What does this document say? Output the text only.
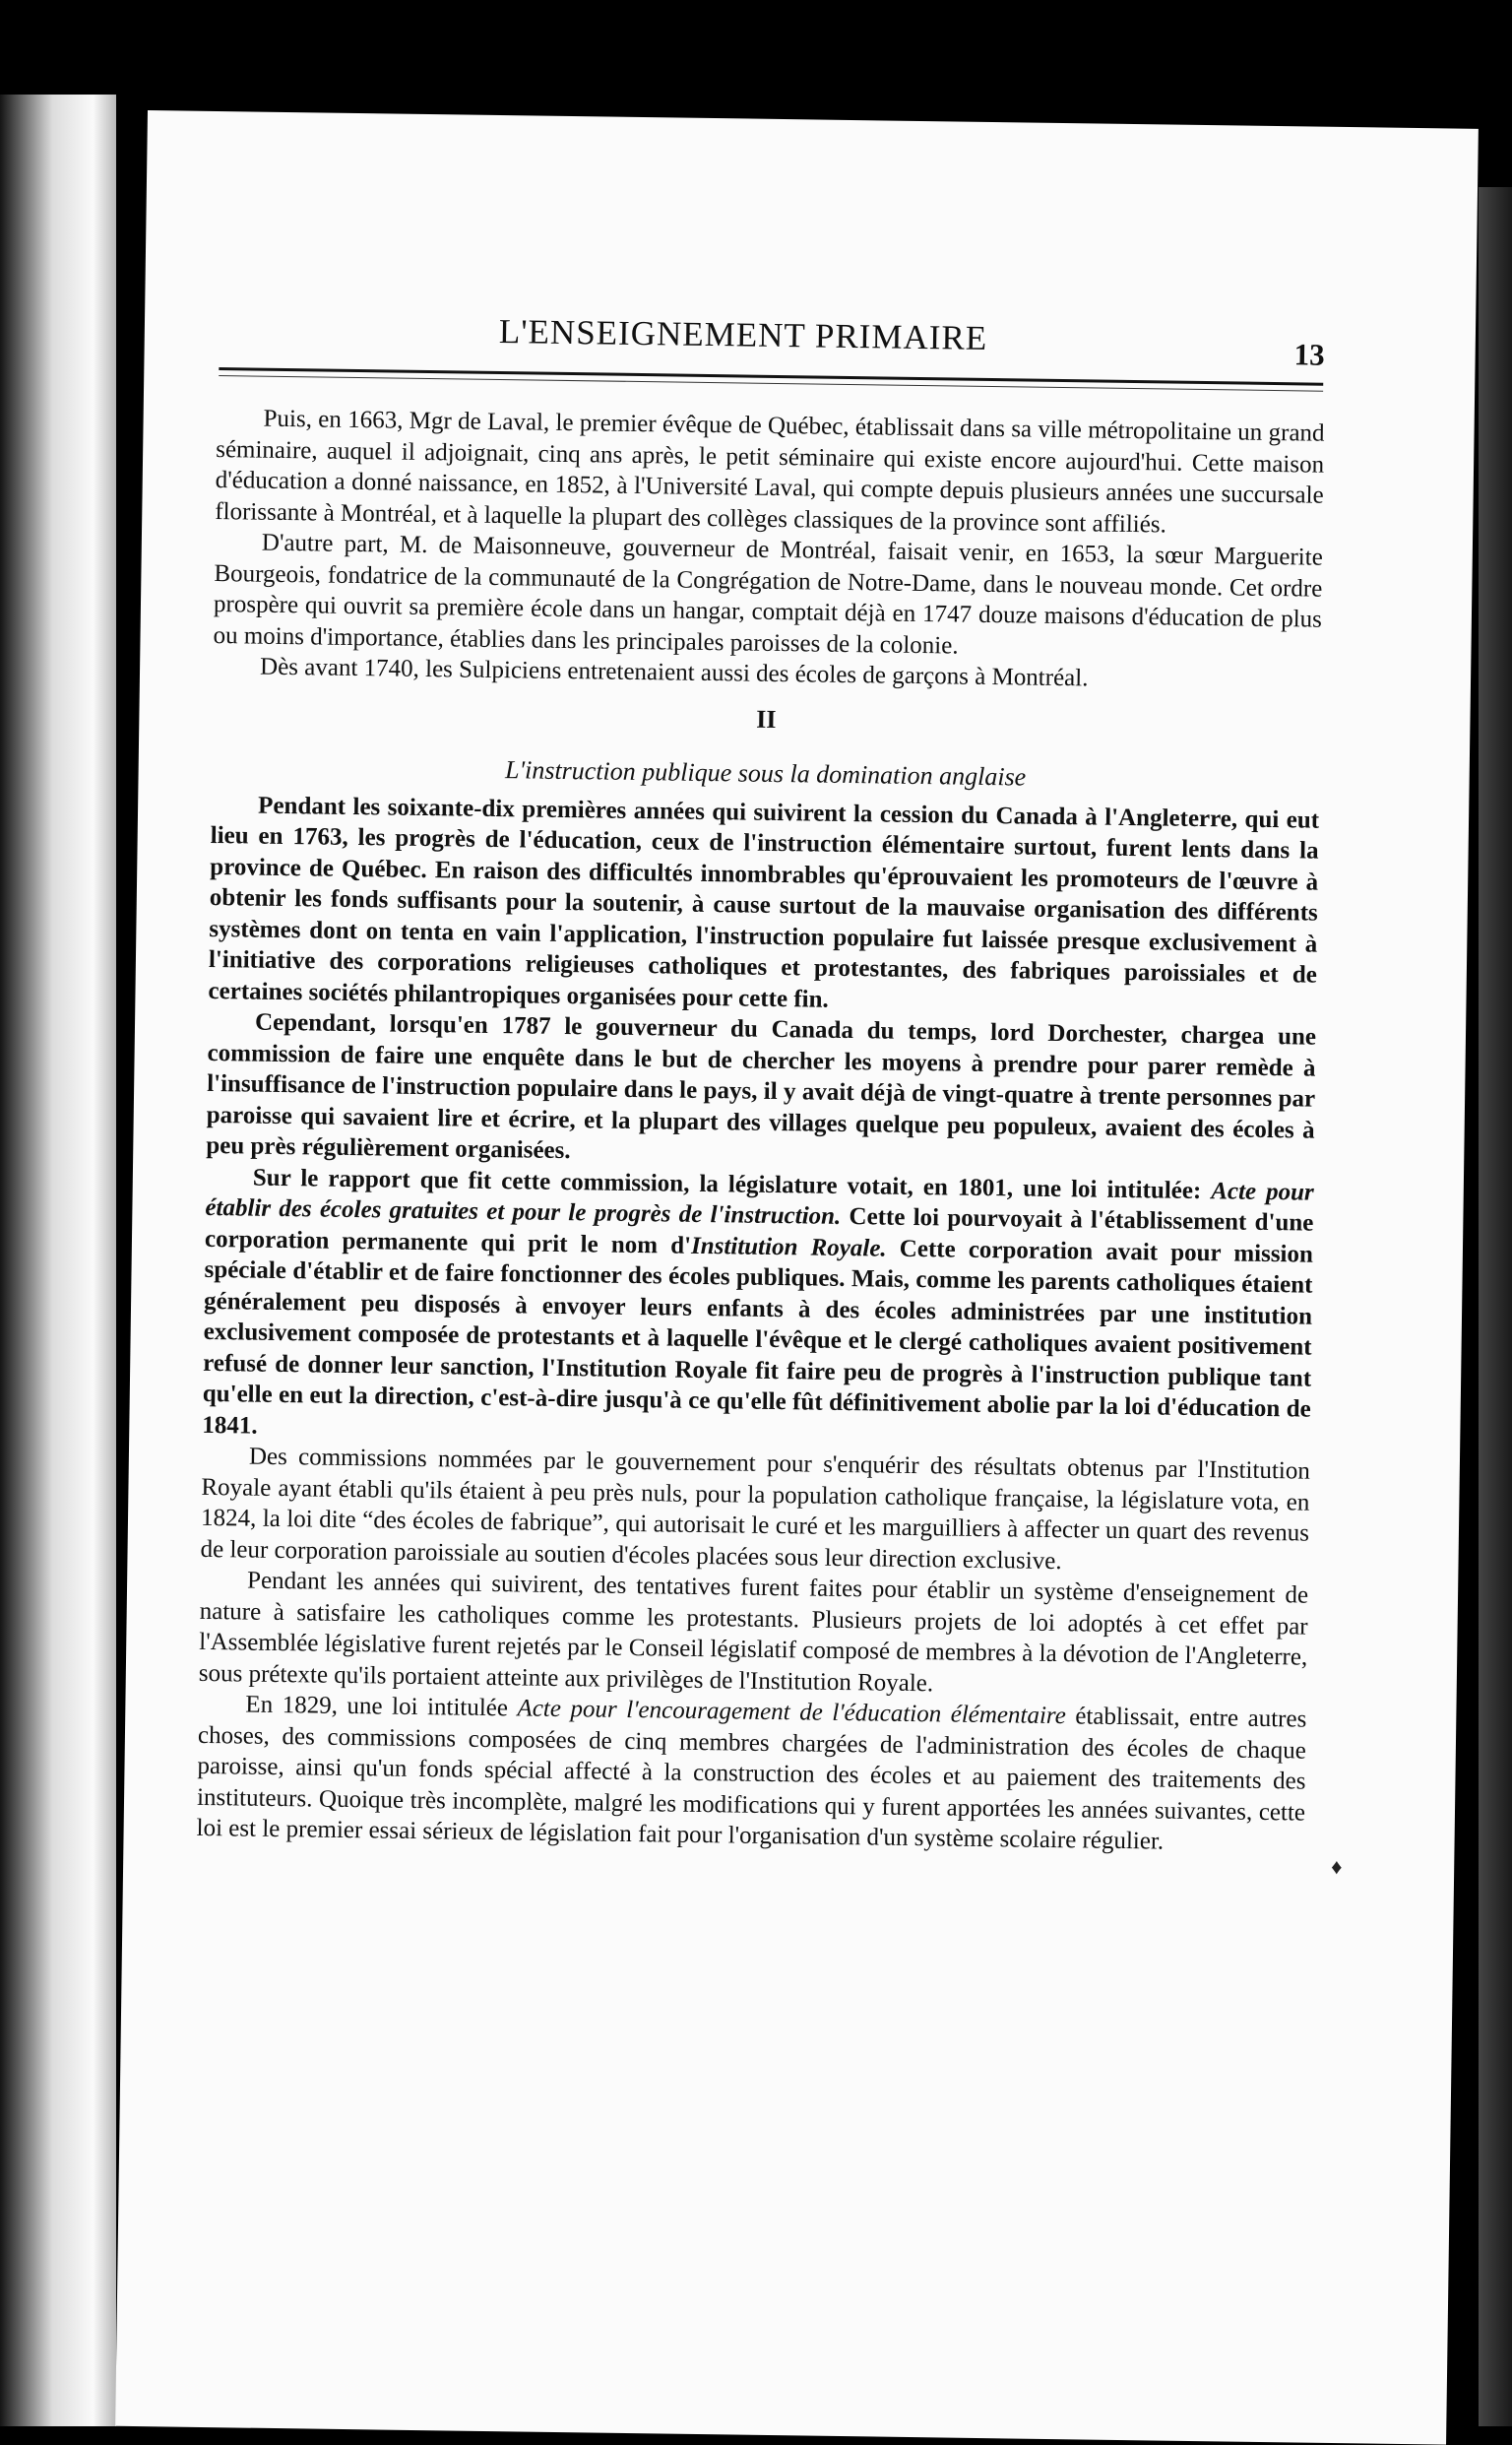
L'ENSEIGNEMENT PRIMAIRE	13

Puis, en 1663, Mgr de Laval, le premier évêque de Québec, établissait dans sa ville métropolitaine un grand séminaire, auquel il adjoignait, cinq ans après, le petit séminaire qui existe encore aujourd'hui. Cette maison d'éducation a donné naissance, en 1852, à l'Université Laval, qui compte depuis plusieurs années une succursale florissante à Montréal, et à laquelle la plupart des collèges classiques de la province sont affiliés.

D'autre part, M. de Maisonneuve, gouverneur de Montréal, faisait venir, en 1653, la sœur Marguerite Bourgeois, fondatrice de la communauté de la Congrégation de Notre-Dame, dans le nouveau monde. Cet ordre prospère qui ouvrit sa première école dans un hangar, comptait déjà en 1747 douze maisons d'éducation de plus ou moins d'importance, établies dans les principales paroisses de la colonie.

Dès avant 1740, les Sulpiciens entretenaient aussi des écoles de garçons à Montréal.

II
L'instruction publique sous la domination anglaise

Pendant les soixante-dix premières années qui suivirent la cession du Canada à l'Angleterre, qui eut lieu en 1763, les progrès de l'éducation, ceux de l'instruction élémentaire surtout, furent lents dans la province de Québec. En raison des difficultés innombrables qu'éprouvaient les promoteurs de l'œuvre à obtenir les fonds suffisants pour la soutenir, à cause surtout de la mauvaise organisation des différents systèmes dont on tenta en vain l'application, l'instruction populaire fut laissée presque exclusivement à l'initiative des corporations religieuses catholiques et protestantes, des fabriques paroissiales et de certaines sociétés philantropiques organisées pour cette fin.

Cependant, lorsqu'en 1787 le gouverneur du Canada du temps, lord Dorchester, chargea une commission de faire une enquête dans le but de chercher les moyens à prendre pour parer remède à l'insuffisance de l'instruction populaire dans le pays, il y avait déjà de vingt-quatre à trente personnes par paroisse qui savaient lire et écrire, et la plupart des villages quelque peu populeux, avaient des écoles à peu près régulièrement organisées.

Sur le rapport que fit cette commission, la législature votait, en 1801, une loi intitulée: Acte pour établir des écoles gratuites et pour le progrès de l'instruction. Cette loi pourvoyait à l'établissement d'une corporation permanente qui prit le nom d'Institution Royale. Cette corporation avait pour mission spéciale d'établir et de faire fonctionner des écoles publiques. Mais, comme les parents catholiques étaient généralement peu disposés à envoyer leurs enfants à des écoles administrées par une institution exclusivement composée de protestants et à laquelle l'évêque et le clergé catholiques avaient positivement refusé de donner leur sanction, l'Institution Royale fit faire peu de progrès à l'instruction publique tant qu'elle en eut la direction, c'est-à-dire jusqu'à ce qu'elle fût définitivement abolie par la loi d'éducation de 1841.

Des commissions nommées par le gouvernement pour s'enquérir des résultats obtenus par l'Institution Royale ayant établi qu'ils étaient à peu près nuls, pour la population catholique française, la législature vota, en 1824, la loi dite “des écoles de fabrique”, qui autorisait le curé et les marguilliers à affecter un quart des revenus de leur corporation paroissiale au soutien d'écoles placées sous leur direction exclusive.

Pendant les années qui suivirent, des tentatives furent faites pour établir un système d'enseignement de nature à satisfaire les catholiques comme les protestants. Plusieurs projets de loi adoptés à cet effet par l'Assemblée législative furent rejetés par le Conseil législatif composé de membres à la dévotion de l'Angleterre, sous prétexte qu'ils portaient atteinte aux privilèges de l'Institution Royale.

En 1829, une loi intitulée Acte pour l'encouragement de l'éducation élémentaire établissait, entre autres choses, des commissions composées de cinq membres chargées de l'administration des écoles de chaque paroisse, ainsi qu'un fonds spécial affecté à la construction des écoles et au paiement des traitements des instituteurs. Quoique très incomplète, malgré les modifications qui y furent apportées les années suivantes, cette loi est le premier essai sérieux de législation fait pour l'organisation d'un système scolaire régulier.

♦
